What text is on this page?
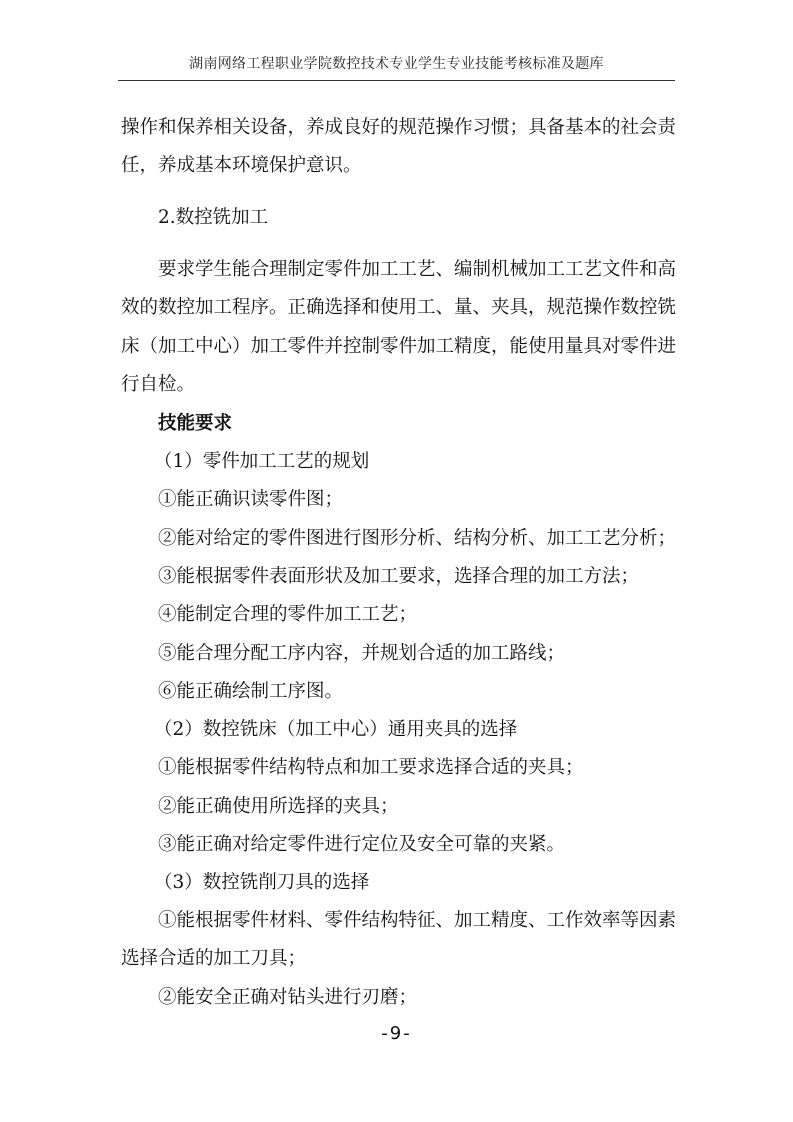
湖南网络工程职业学院数控技术专业学生专业技能考核标准及题库
操作和保养相关设备，养成良好的规范操作习惯；具备基本的社会责
任，养成基本环境保护意识。
2.数控铣加工
要求学生能合理制定零件加工工艺、编制机械加工工艺文件和高
效的数控加工程序。正确选择和使用工、量、夹具，规范操作数控铣
床（加工中心）加工零件并控制零件加工精度，能使用量具对零件进
行自检。
技能要求
（1）零件加工工艺的规划
①能正确识读零件图；
②能对给定的零件图进行图形分析、结构分析、加工工艺分析；
③能根据零件表面形状及加工要求，选择合理的加工方法；
④能制定合理的零件加工工艺；
⑤能合理分配工序内容，并规划合适的加工路线；
⑥能正确绘制工序图。
（2）数控铣床（加工中心）通用夹具的选择
①能根据零件结构特点和加工要求选择合适的夹具；
②能正确使用所选择的夹具；
③能正确对给定零件进行定位及安全可靠的夹紧。
（3）数控铣削刀具的选择
①能根据零件材料、零件结构特征、加工精度、工作效率等因素
选择合适的加工刀具；
②能安全正确对钻头进行刃磨；
-9-
